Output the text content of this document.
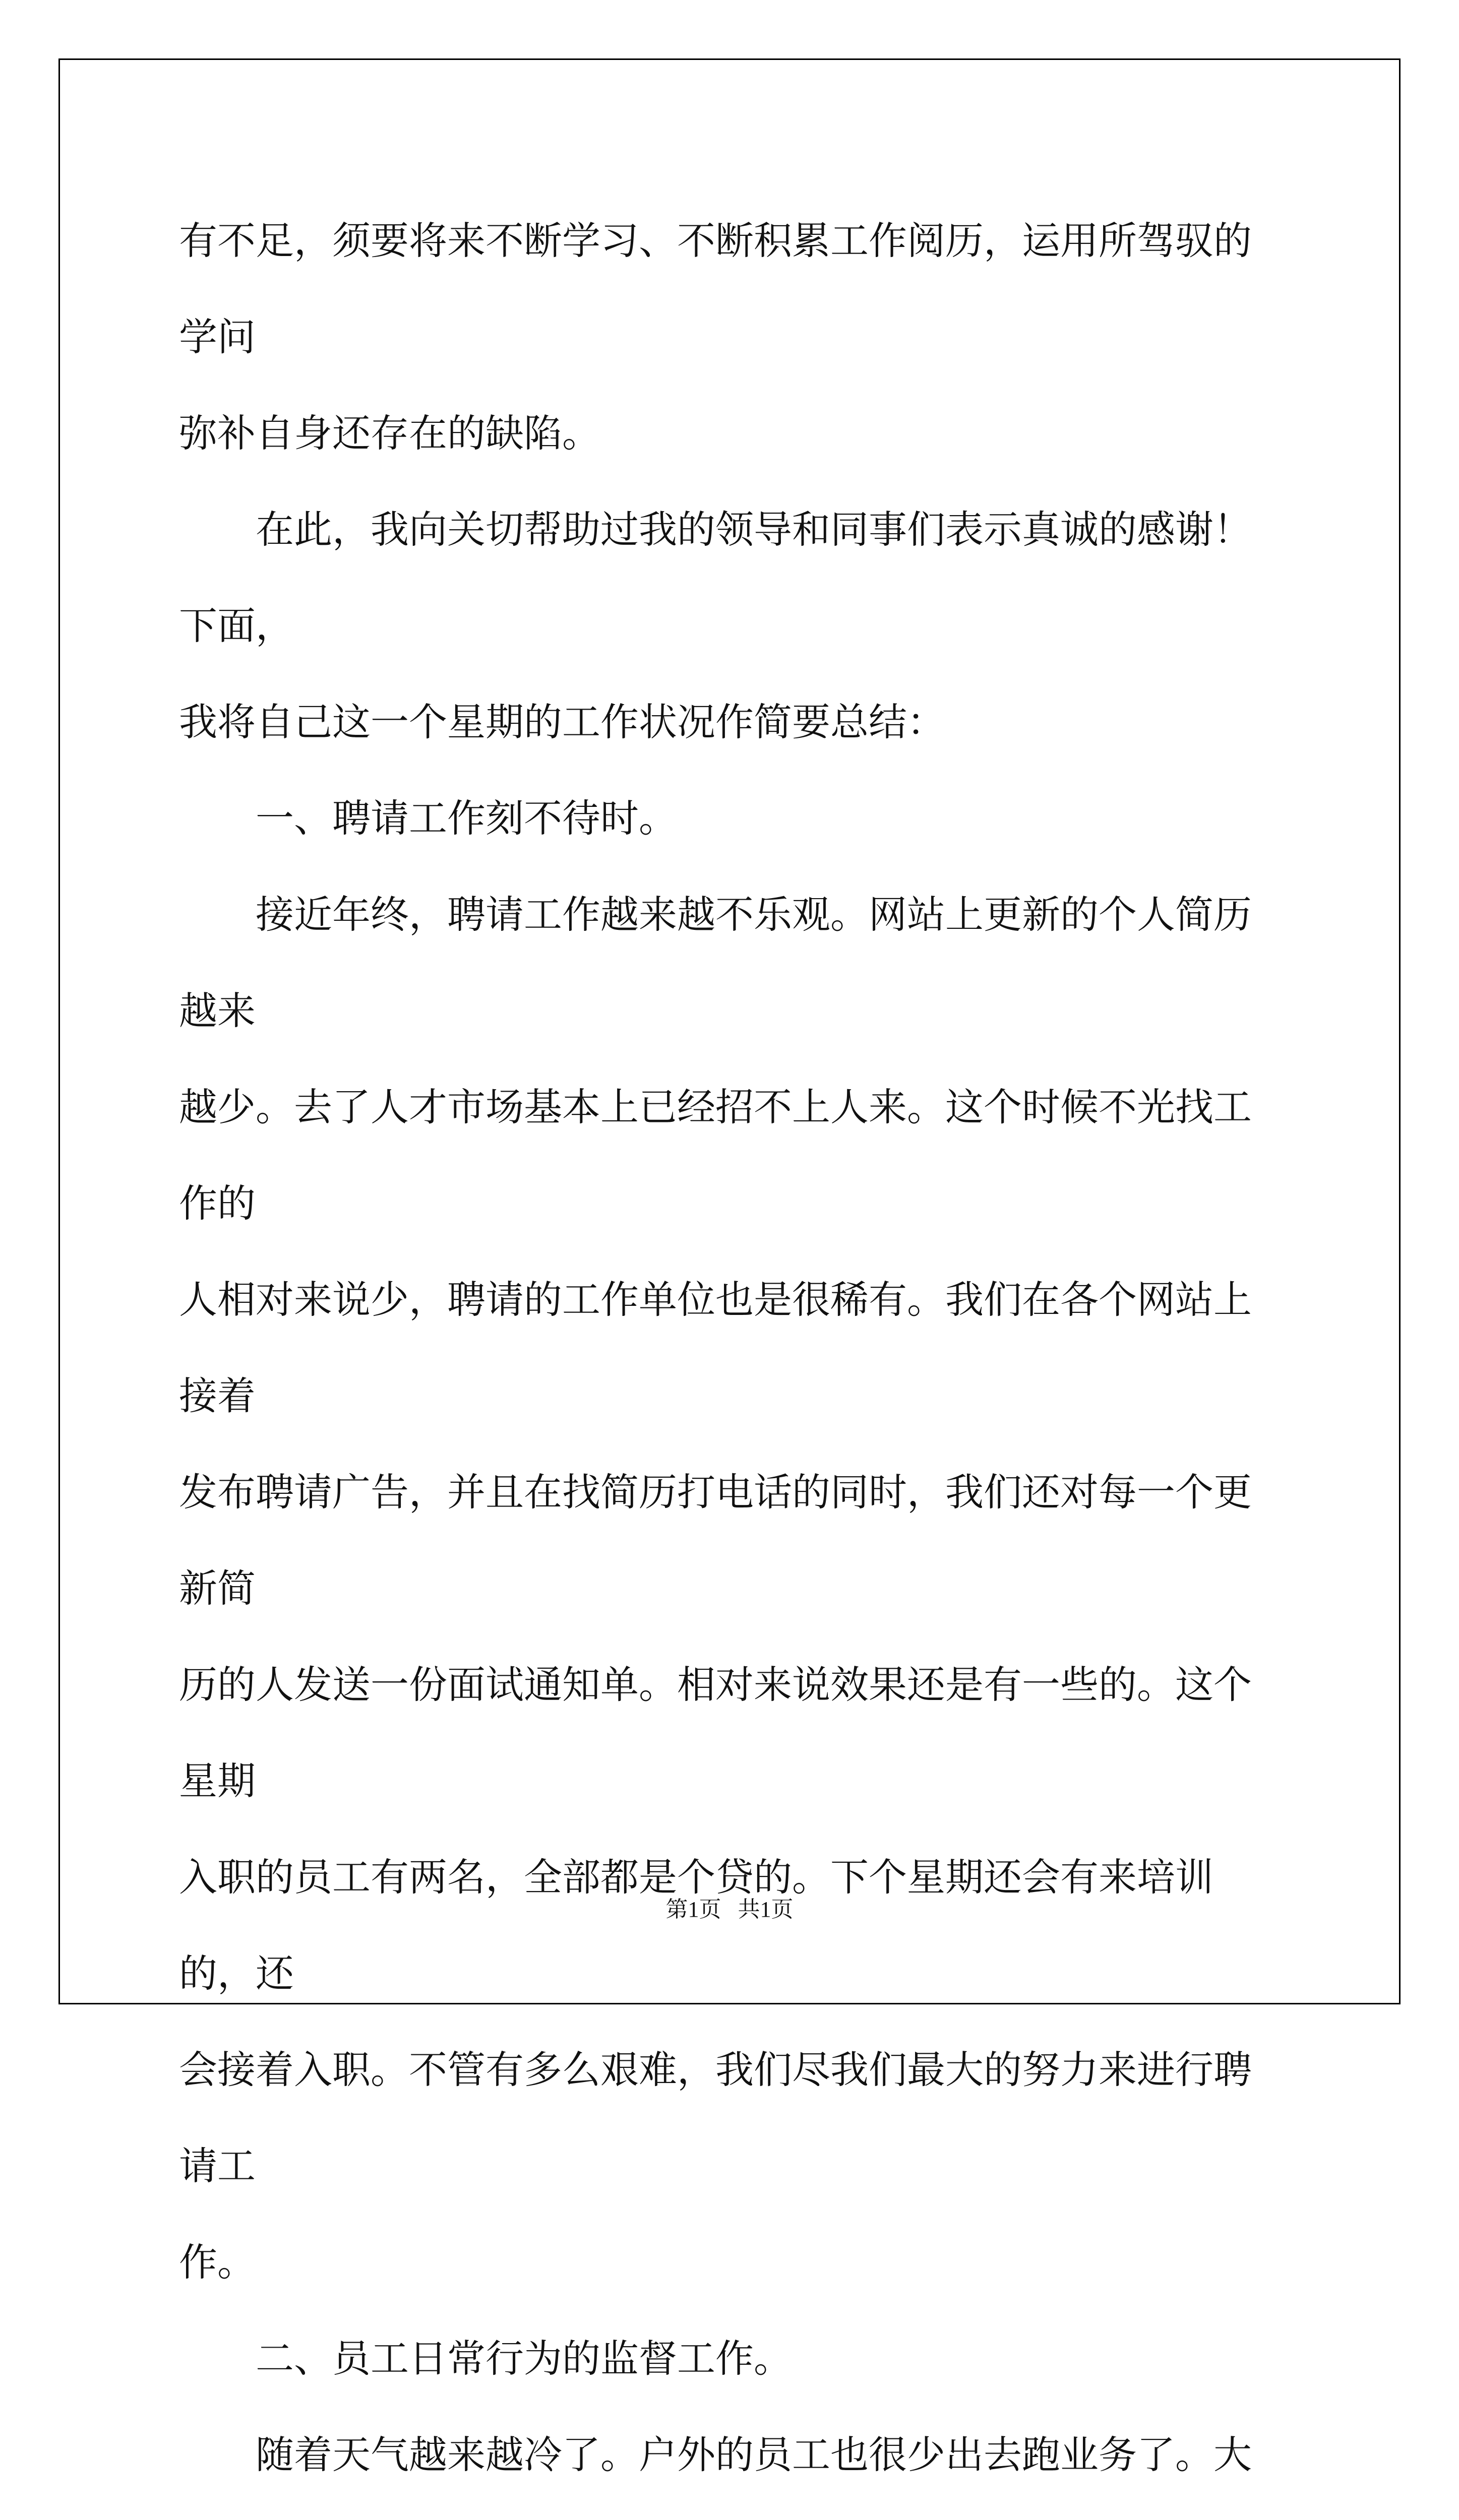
有不足，须要将来不断学习、不断积累工作阅历，运用所驾驭的学问
弥补自身还存在的缺陷。
在此，我向关切帮助过我的领导和同事们表示真诚的感谢！下面，
我将自己这一个星期的工作状况作简要总结：
一、聘请工作刻不待时。
接近年终，聘请工作越来越不乐观。网站上更新的个人简历越来
越少。去了人才市场基本上已经招不上人来。这个时候不光找工作的
人相对来说少，聘请的工作单位也是很稀有。我们在各个网站上接着
发布聘请广告，并且在找简历打电话的同时，我们还对每一个更新简
历的人发送一份面试通知单。相对来说效果还是有一些的。这个星期
入职的员工有两名，全部都是个贷的。下个星期还会有来培训的，还
会接着入职。不管有多么艰难，我们尽我们最大的努力来进行聘请工
作。
二、员工日常行为的监督工作。
随着天气越来越冷了。户外的员工也很少出去跑业务了。大
第1页   共1页
